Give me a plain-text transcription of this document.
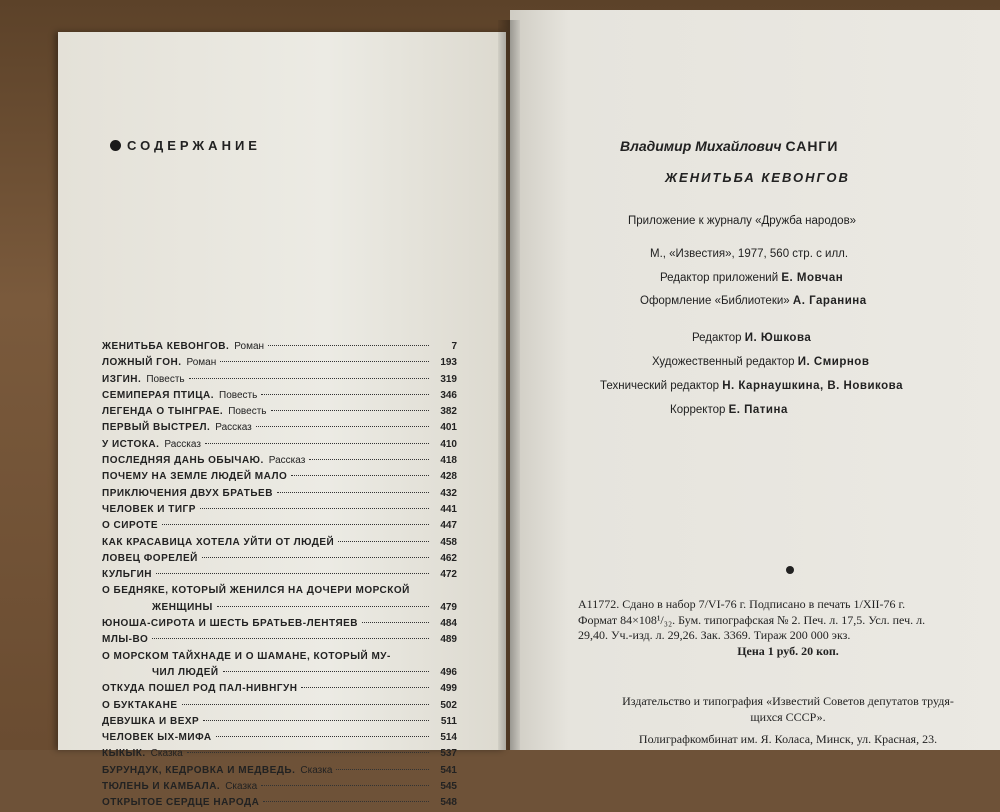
СОДЕРЖАНИЕ
ЖЕНИТЬБА КЕВОНГОВ. Роман	7
ЛОЖНЫЙ ГОН. Роман	193
ИЗГИН. Повесть	319
СЕМИПЕРАЯ ПТИЦА. Повесть	346
ЛЕГЕНДА О ТЫНГРАЕ. Повесть	382
ПЕРВЫЙ ВЫСТРЕЛ. Рассказ	401
У ИСТОКА. Рассказ	410
ПОСЛЕДНЯЯ ДАНЬ ОБЫЧАЮ. Рассказ	418
ПОЧЕМУ НА ЗЕМЛЕ ЛЮДЕЙ МАЛО	428
ПРИКЛЮЧЕНИЯ ДВУХ БРАТЬЕВ	432
ЧЕЛОВЕК И ТИГР	441
О СИРОТЕ	447
КАК КРАСАВИЦА ХОТЕЛА УЙТИ ОТ ЛЮДЕЙ	458
ЛОВЕЦ ФОРЕЛЕЙ	462
КУЛЬГИН	472
О БЕДНЯКЕ, КОТОРЫЙ ЖЕНИЛСЯ НА ДОЧЕРИ МОРСКОЙ
ЖЕНЩИНЫ	479
ЮНОША-СИРОТА И ШЕСТЬ БРАТЬЕВ-ЛЕНТЯЕВ	484
МЛЫ-ВО	489
О МОРСКОМ ТАЙХНАДЕ И О ШАМАНЕ, КОТОРЫЙ МУ-
ЧИЛ ЛЮДЕЙ	496
ОТКУДА ПОШЕЛ РОД ПАЛ-НИВНГУН	499
О БУКТАКАНЕ	502
ДЕВУШКА И ВЕХР	511
ЧЕЛОВЕК ЫХ-МИФА	514
КЫКЫК. Сказка	537
БУРУНДУК, КЕДРОВКА И МЕДВЕДЬ. Сказка	541
ТЮЛЕНЬ И КАМБАЛА. Сказка	545
ОТКРЫТОЕ СЕРДЦЕ НАРОДА	548
Владимир Михайлович САНГИ
ЖЕНИТЬБА КЕВОНГОВ
Приложение к журналу «Дружба народов»
М., «Известия», 1977, 560 стр. с илл.
Редактор приложений Е. Мовчан
Оформление «Библиотеки» А. Гаранина
Редактор И. Юшкова
Художественный редактор И. Смирнов
Технический редактор Н. Карнаушкина, В. Новикова
Корректор Е. Патина
А11772. Сдано в набор 7/VI-76 г. Подписано в печать 1/XII-76 г.
Формат 84×108¹/₃₂. Бум. типографская № 2. Печ. л. 17,5. Усл. печ. л.
29,40. Уч.-изд. л. 29,26. Зак. 3369. Тираж 200 000 экз.
Цена 1 руб. 20 коп.
Издательство и типография «Известий Советов депутатов трудя-
щихся СССР».
Полиграфкомбинат им. Я. Коласа, Минск, ул. Красная, 23.
